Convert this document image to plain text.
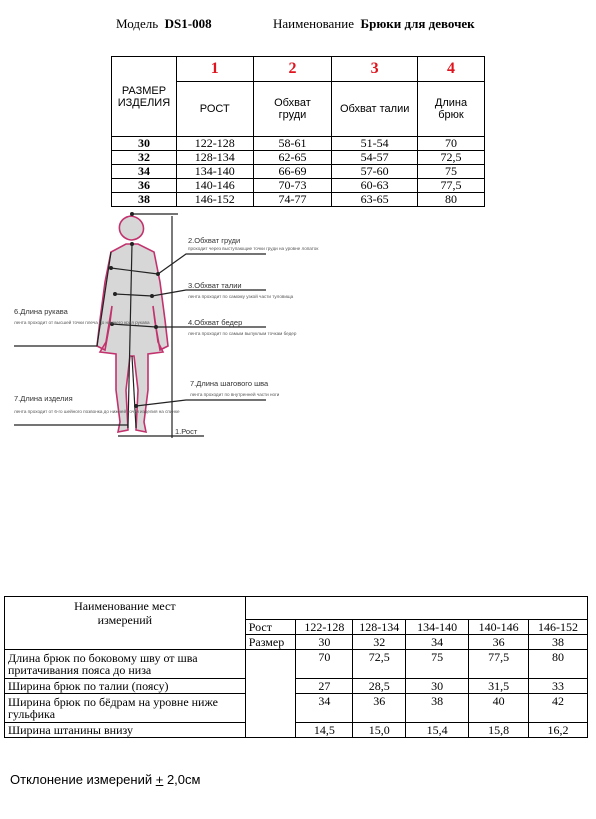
Модель DS1-008	Наименование Брюки для девочек
РАЗМЕР ИЗДЕЛИЯ	1	2	3	4
	РОСТ	Обхват груди	Обхват талии	Длина брюк
30	122-128	58-61	51-54	70
32	128-134	62-65	54-57	72,5
34	134-140	66-69	57-60	75
36	140-146	70-73	60-63	77,5
38	146-152	74-77	63-65	80
2.Обхват груди
проходит через выступающие точки груди на уровне лопаток
3.Обхват талии
лента проходит по самому узкой части туловища
4.Обхват бедер
лента проходит по самым выпуклым точкам бедер
6.Длина рукава
лента проходит от высшей точки плеча до нижнего края рукава
7.Длина шагового шва
лента проходит по внутренней части ноги
7.Длина изделия
лента проходит от 6-го шейного позвонка до нижней точки изделия на спинке
1.Рост
Наименование мест измерений						
	Рост	122-128	128-134	134-140	140-146	146-152
	Размер	30	32	34	36	38
Длина брюк по боковому шву от шва притачивания пояса до низа		70	72,5	75	77,5	80
Ширина брюк по талии (поясу)		27	28,5	30	31,5	33
Ширина брюк по бёдрам на уровне ниже гульфика		34	36	38	40	42
Ширина штанины внизу		14,5	15,0	15,4	15,8	16,2
Отклонение измерений + 2,0см
